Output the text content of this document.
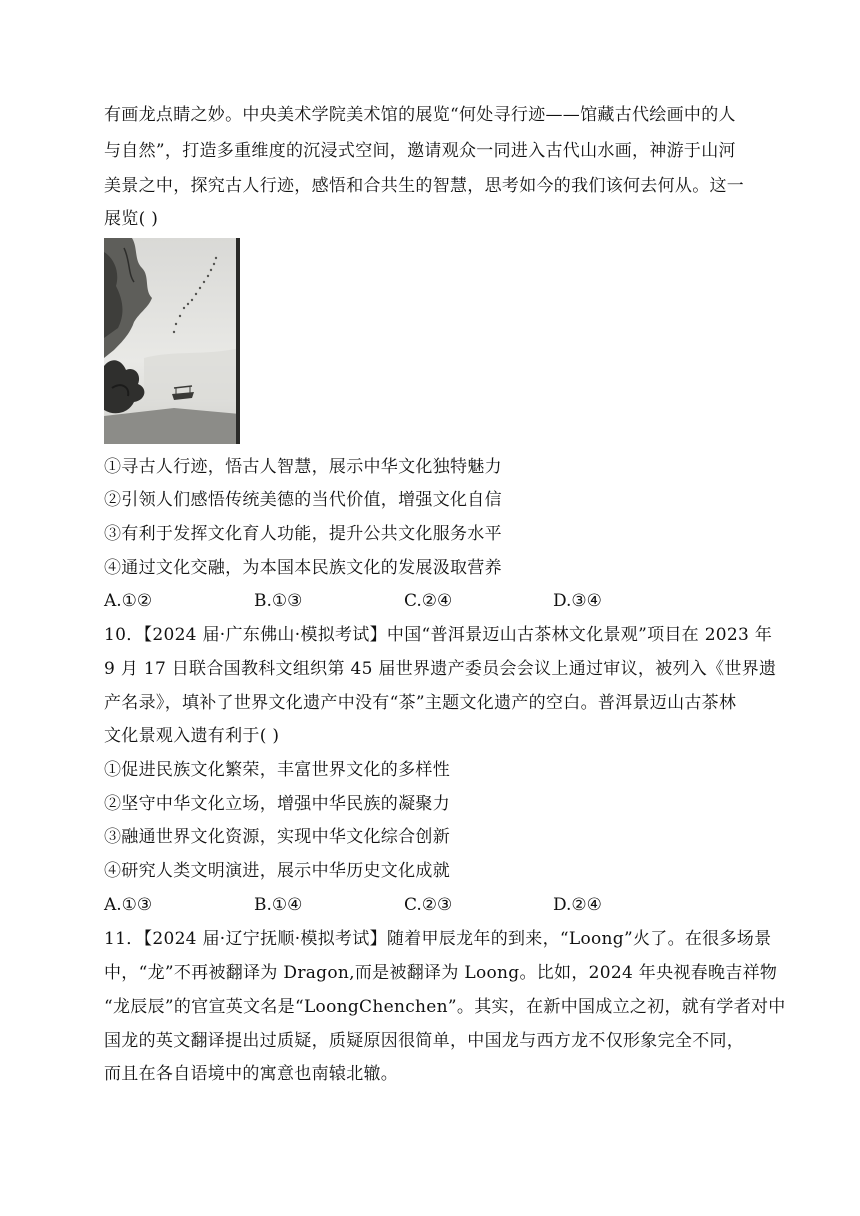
有画龙点睛之妙。中央美术学院美术馆的展览“何处寻行迹——馆藏古代绘画中的人
与自然”，打造多重维度的沉浸式空间，邀请观众一同进入古代山水画，神游于山河
美景之中，探究古人行迹，感悟和合共生的智慧，思考如今的我们该何去何从。这一
展览( )
①寻古人行迹，悟古人智慧，展示中华文化独特魅力
②引领人们感悟传统美德的当代价值，增强文化自信
③有利于发挥文化育人功能，提升公共文化服务水平
④通过文化交融，为本国本民族文化的发展汲取营养
A.①②	B.①③	C.②④	D.③④
10．【2024 届·广东佛山·模拟考试】中国“普洱景迈山古茶林文化景观”项目在 2023 年
9 月 17 日联合国教科文组织第 45 届世界遗产委员会会议上通过审议，被列入《世界遗
产名录》，填补了世界文化遗产中没有“茶”主题文化遗产的空白。普洱景迈山古茶林
文化景观入遗有利于( )
①促进民族文化繁荣，丰富世界文化的多样性
②坚守中华文化立场，增强中华民族的凝聚力
③融通世界文化资源，实现中华文化综合创新
④研究人类文明演进，展示中华历史文化成就
A.①③	B.①④	C.②③	D.②④
11．【2024 届·辽宁抚顺·模拟考试】随着甲辰龙年的到来，“Loong”火了。在很多场景
中，“龙”不再被翻译为 Dragon,而是被翻译为 Loong。比如，2024 年央视春晚吉祥物
“龙辰辰”的官宣英文名是“LoongChenchen”。其实，在新中国成立之初，就有学者对中
国龙的英文翻译提出过质疑，质疑原因很简单，中国龙与西方龙不仅形象完全不同，
而且在各自语境中的寓意也南辕北辙。
